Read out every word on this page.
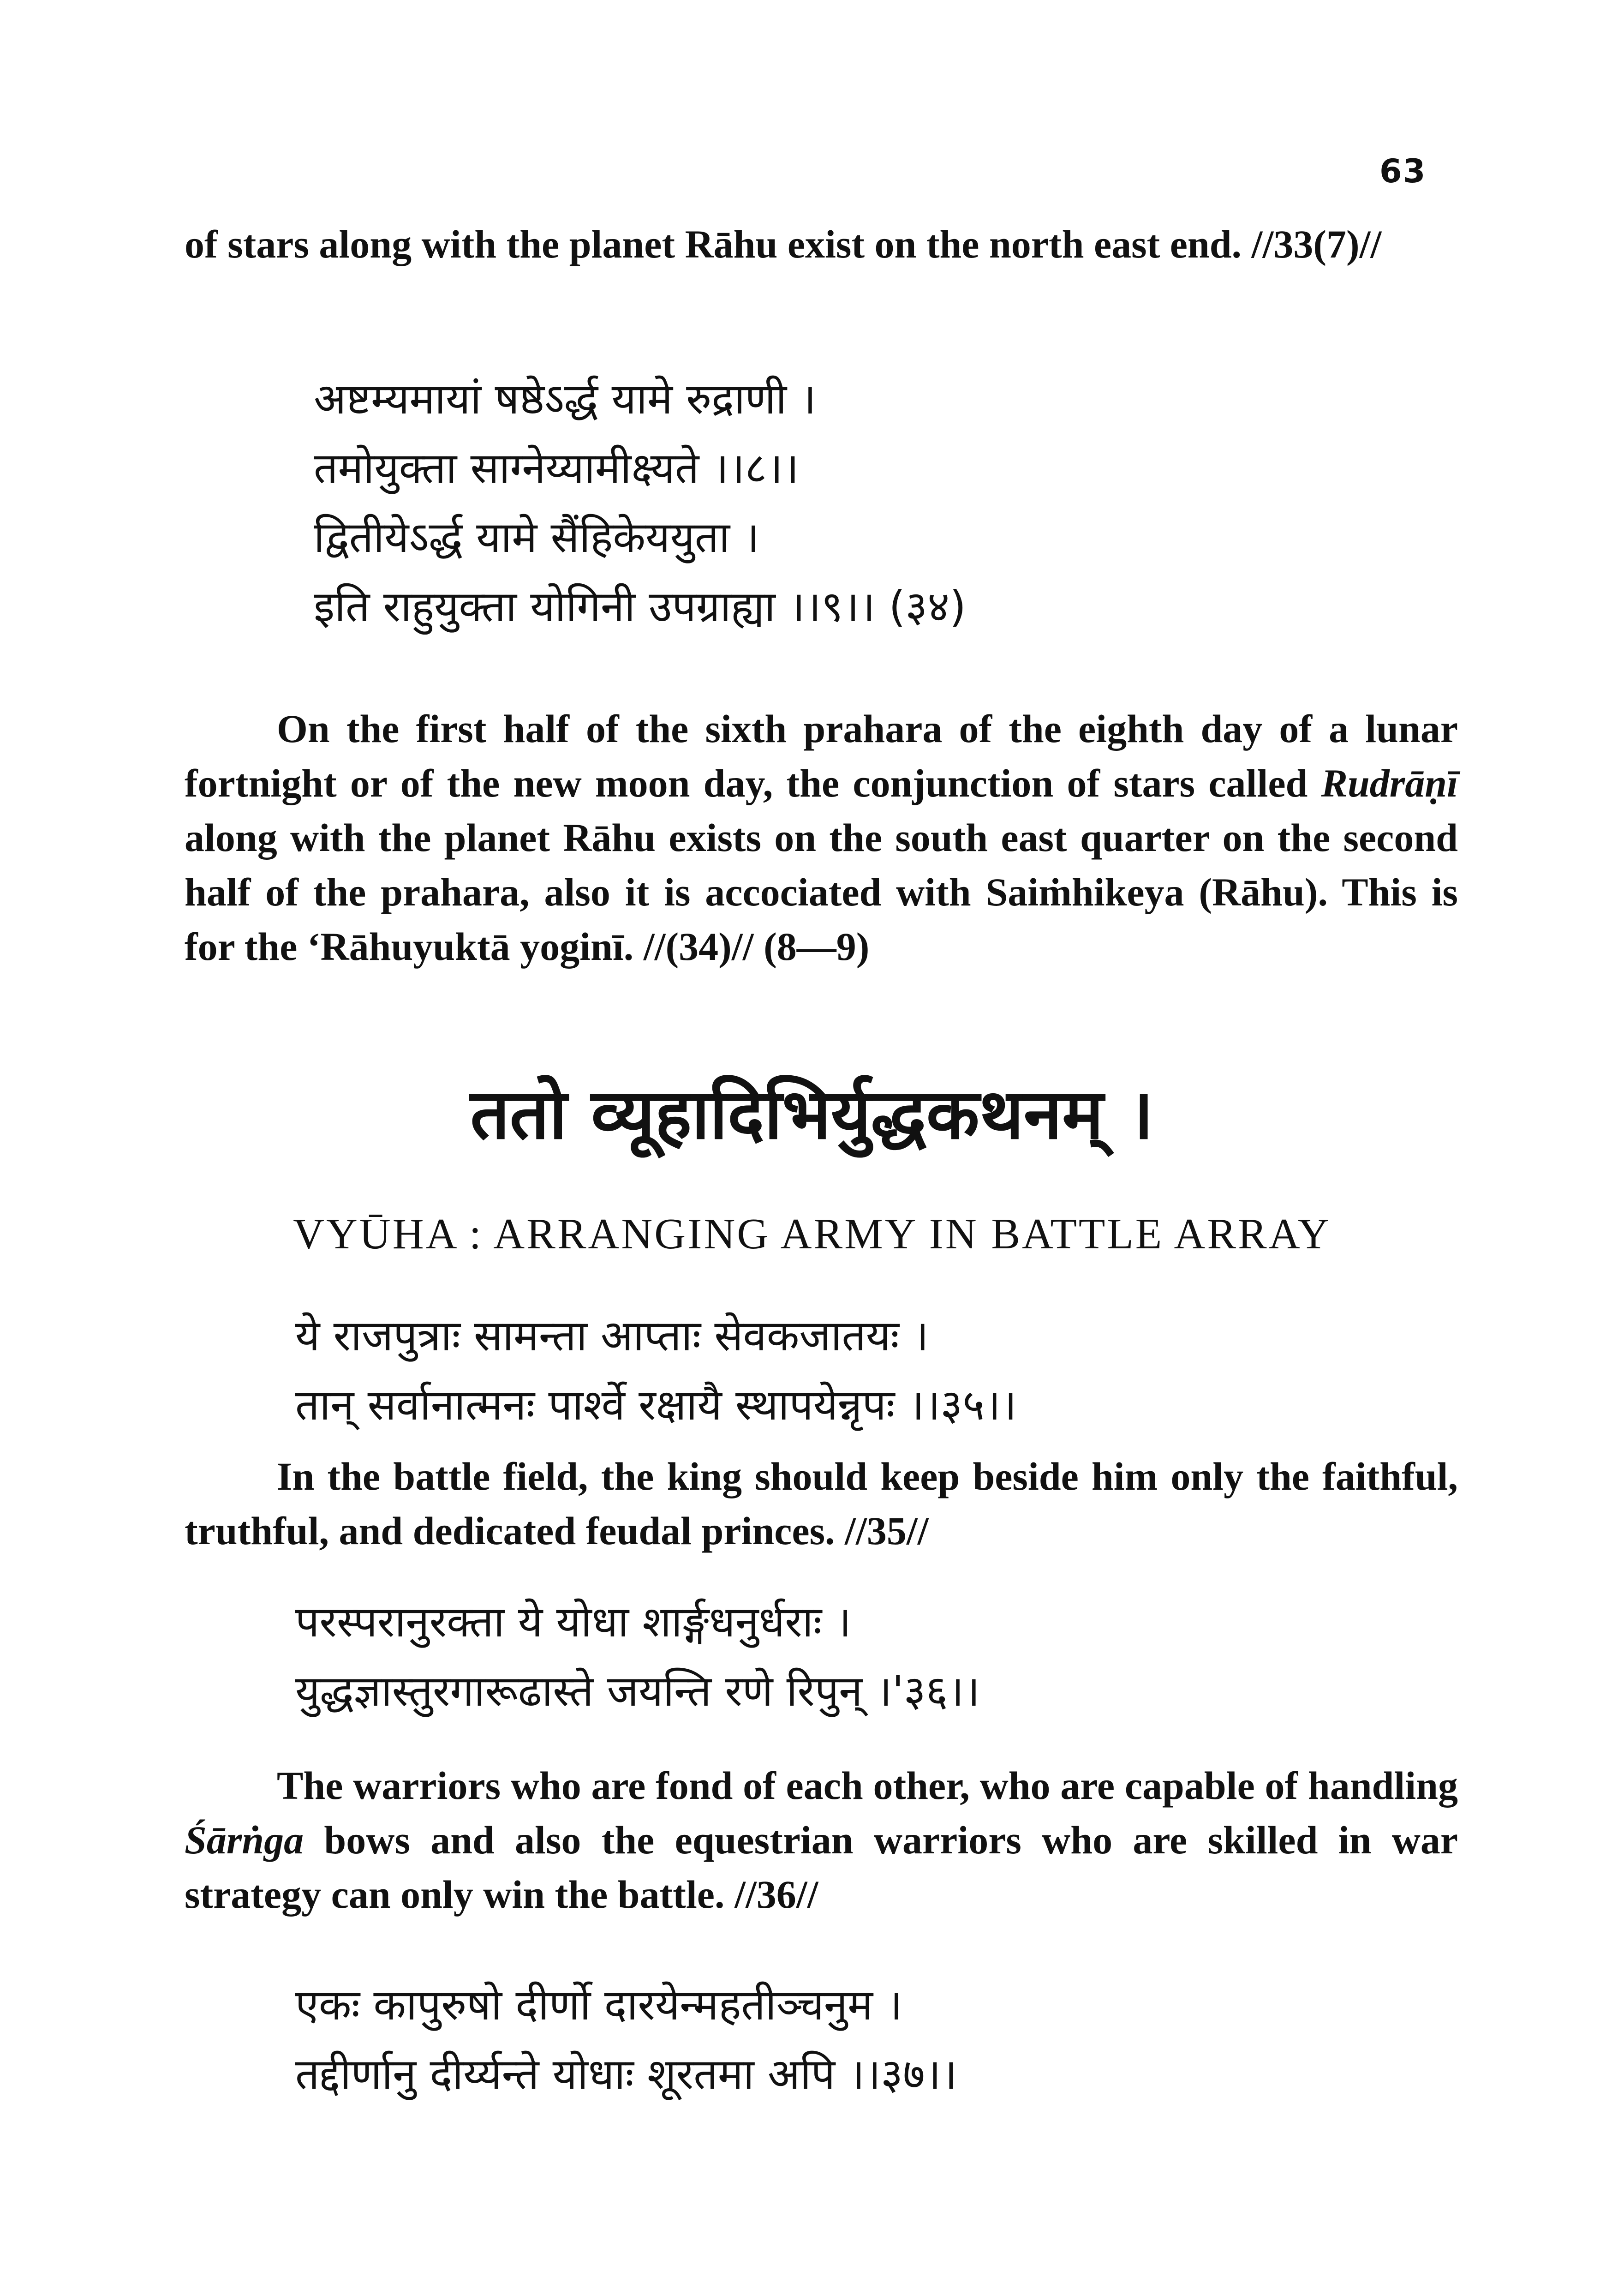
63

of stars along with the planet Rāhu exist on the north east end. //33(7)//

अष्टम्यमायां षष्ठेऽर्द्ध यामे रुद्राणी ।
तमोयुक्ता साग्नेय्यामीक्ष्यते ।।८।।
द्वितीयेऽर्द्ध यामे सैंहिकेययुता ।
इति राहुयुक्ता योगिनी उपग्राह्या ।।९।। (३४)

On the first half of the sixth prahara of the eighth day of a lunar fortnight or of the new moon day, the conjunction of stars called Rudrāṇī along with the planet Rāhu exists on the south east quarter on the second half of the prahara, also it is accociated with Saiṁhikeya (Rāhu). This is for the ‘Rāhuyuktā yoginī. //(34)// (8—9)

ततो व्यूहादिभिर्युद्धकथनम् ।
VYŪHA : ARRANGING ARMY IN BATTLE ARRAY
ये राजपुत्राः सामन्ता आप्ताः सेवकजातयः ।
तान् सर्वानात्मनः पार्श्वे रक्षायै स्थापयेन्नृपः ।।३५।।

In the battle field, the king should keep beside him only the faithful, truthful, and dedicated feudal princes. //35//

परस्परानुरक्ता ये योधा शार्ङ्गधनुर्धराः ।
युद्धज्ञास्तुरगारूढास्ते जयन्ति रणे रिपुन् ।'३६।।

The warriors who are fond of each other, who are capable of handling Śārṅga bows and also the equestrian warriors who are skilled in war strategy can only win the battle. //36//

एकः कापुरुषो दीर्णो दारयेन्महतीञ्चनुम ।
तद्दीर्णानु दीर्य्यन्ते योधाः शूरतमा अपि ।।३७।।
